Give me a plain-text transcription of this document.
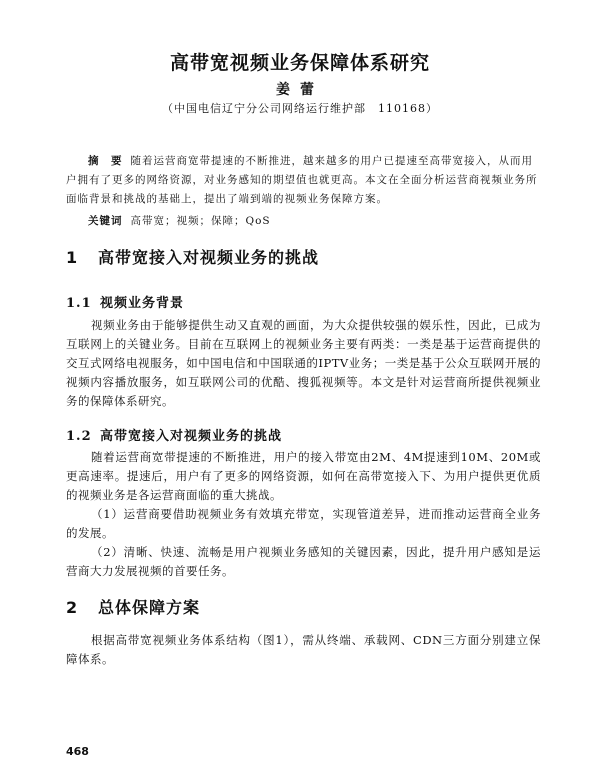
高带宽视频业务保障体系研究
姜蕾
（中国电信辽宁分公司网络运行维护部　110168）
摘　要 随着运营商宽带提速的不断推进，越来越多的用户已提速至高带宽接入，从而用户拥有了更多的网络资源，对业务感知的期望值也就更高。本文在全面分析运营商视频业务所面临背景和挑战的基础上，提出了端到端的视频业务保障方案。
关键词 高带宽；视频；保障；QoS
1 高带宽接入对视频业务的挑战
1.1 视频业务背景
视频业务由于能够提供生动又直观的画面，为大众提供较强的娱乐性，因此，已成为互联网上的关键业务。目前在互联网上的视频业务主要有两类：一类是基于运营商提供的交互式网络电视服务，如中国电信和中国联通的IPTV业务；一类是基于公众互联网开展的视频内容播放服务，如互联网公司的优酷、搜狐视频等。本文是针对运营商所提供视频业务的保障体系研究。
1.2 高带宽接入对视频业务的挑战
随着运营商宽带提速的不断推进，用户的接入带宽由2M、4M提速到10M、20M或更高速率。提速后，用户有了更多的网络资源，如何在高带宽接入下、为用户提供更优质的视频业务是各运营商面临的重大挑战。
（1）运营商要借助视频业务有效填充带宽，实现管道差异，进而推动运营商全业务的发展。
（2）清晰、快速、流畅是用户视频业务感知的关键因素，因此，提升用户感知是运营商大力发展视频的首要任务。
2 总体保障方案
根据高带宽视频业务体系结构（图1），需从终端、承载网、CDN三方面分别建立保障体系。
468
